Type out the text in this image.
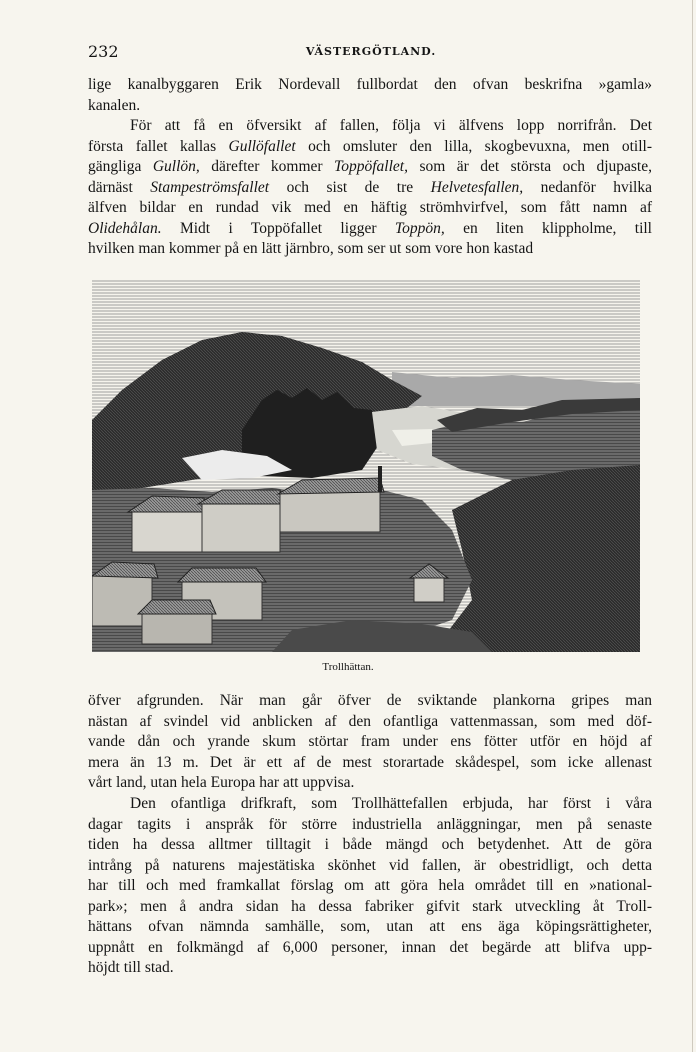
232	VÄSTERGÖTLAND.

lige kanalbyggaren Erik Nordevall fullbordat den ofvan beskrifna »gamla»
kanalen.

För att få en öfversikt af fallen, följa vi älfvens lopp norrifrån. Det
första fallet kallas Gullöfallet och omsluter den lilla, skogbevuxna, men otill-
gängliga Gullön, därefter kommer Toppöfallet, som är det största och djupaste,
därnäst Stampeströmsfallet och sist de tre Helvetesfallen, nedanför hvilka
älfven bildar en rundad vik med en häftig strömhvirfvel, som fått namn af
Olidehålan. Midt i Toppöfallet ligger Toppön, en liten klippholme, till
hvilken man kommer på en lätt järnbro, som ser ut som vore hon kastad

Trollhättan.

öfver afgrunden. När man går öfver de sviktande plankorna gripes man
nästan af svindel vid anblicken af den ofantliga vattenmassan, som med döf-
vande dån och yrande skum störtar fram under ens fötter utför en höjd af
mera än 13 m. Det är ett af de mest storartade skådespel, som icke allenast
vårt land, utan hela Europa har att uppvisa.

Den ofantliga drifkraft, som Trollhättefallen erbjuda, har först i våra
dagar tagits i anspråk för större industriella anläggningar, men på senaste
tiden ha dessa alltmer tilltagit i både mängd och betydenhet. Att de göra
intrång på naturens majestätiska skönhet vid fallen, är obestridligt, och detta
har till och med framkallat förslag om att göra hela området till en »national-
park»; men å andra sidan ha dessa fabriker gifvit stark utveckling åt Troll-
hättans ofvan nämnda samhälle, som, utan att ens äga köpingsrättigheter,
uppnått en folkmängd af 6,000 personer, innan det begärde att blifva upp-
höjdt till stad.
